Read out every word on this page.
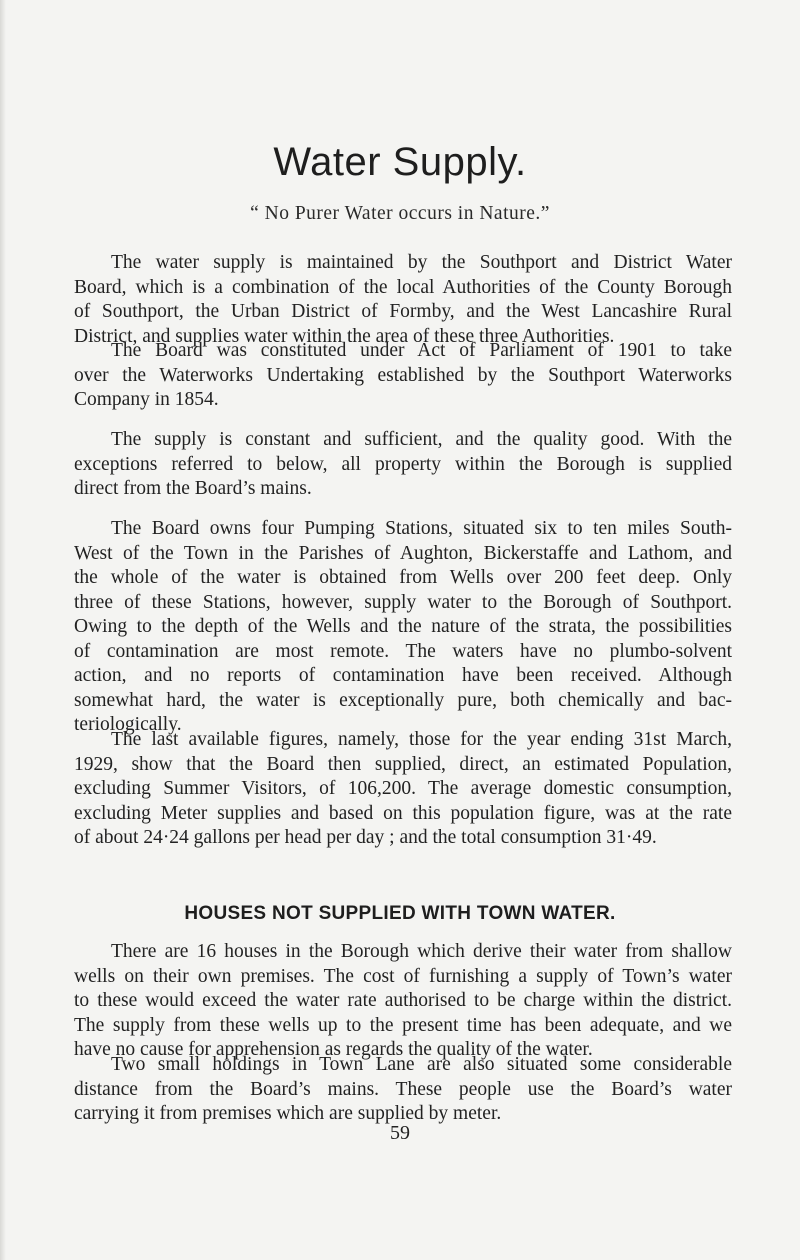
Water Supply.
“ No Purer Water occurs in Nature.”
The water supply is maintained by the Southport and District Water
Board, which is a combination of the local Authorities of the County Borough
of Southport, the Urban District of Formby, and the West Lancashire Rural
District, and supplies water within the area of these three Authorities.
The Board was constituted under Act of Parliament of 1901 to take
over the Waterworks Undertaking established by the Southport Waterworks
Company in 1854.
The supply is constant and sufficient, and the quality good. With the
exceptions referred to below, all property within the Borough is supplied
direct from the Board’s mains.
The Board owns four Pumping Stations, situated six to ten miles South-
West of the Town in the Parishes of Aughton, Bickerstaffe and Lathom, and
the whole of the water is obtained from Wells over 200 feet deep. Only
three of these Stations, however, supply water to the Borough of Southport.
Owing to the depth of the Wells and the nature of the strata, the possibilities
of contamination are most remote. The waters have no plumbo-solvent
action, and no reports of contamination have been received. Although
somewhat hard, the water is exceptionally pure, both chemically and bac-
teriologically.
The last available figures, namely, those for the year ending 31st March,
1929, show that the Board then supplied, direct, an estimated Population,
excluding Summer Visitors, of 106,200. The average domestic consumption,
excluding Meter supplies and based on this population figure, was at the rate
of about 24·24 gallons per head per day ; and the total consumption 31·49.
HOUSES NOT SUPPLIED WITH TOWN WATER.
There are 16 houses in the Borough which derive their water from shallow
wells on their own premises. The cost of furnishing a supply of Town’s water
to these would exceed the water rate authorised to be charge within the district.
The supply from these wells up to the present time has been adequate, and we
have no cause for apprehension as regards the quality of the water.
Two small holdings in Town Lane are also situated some considerable
distance from the Board’s mains. These people use the Board’s water
carrying it from premises which are supplied by meter.
59
